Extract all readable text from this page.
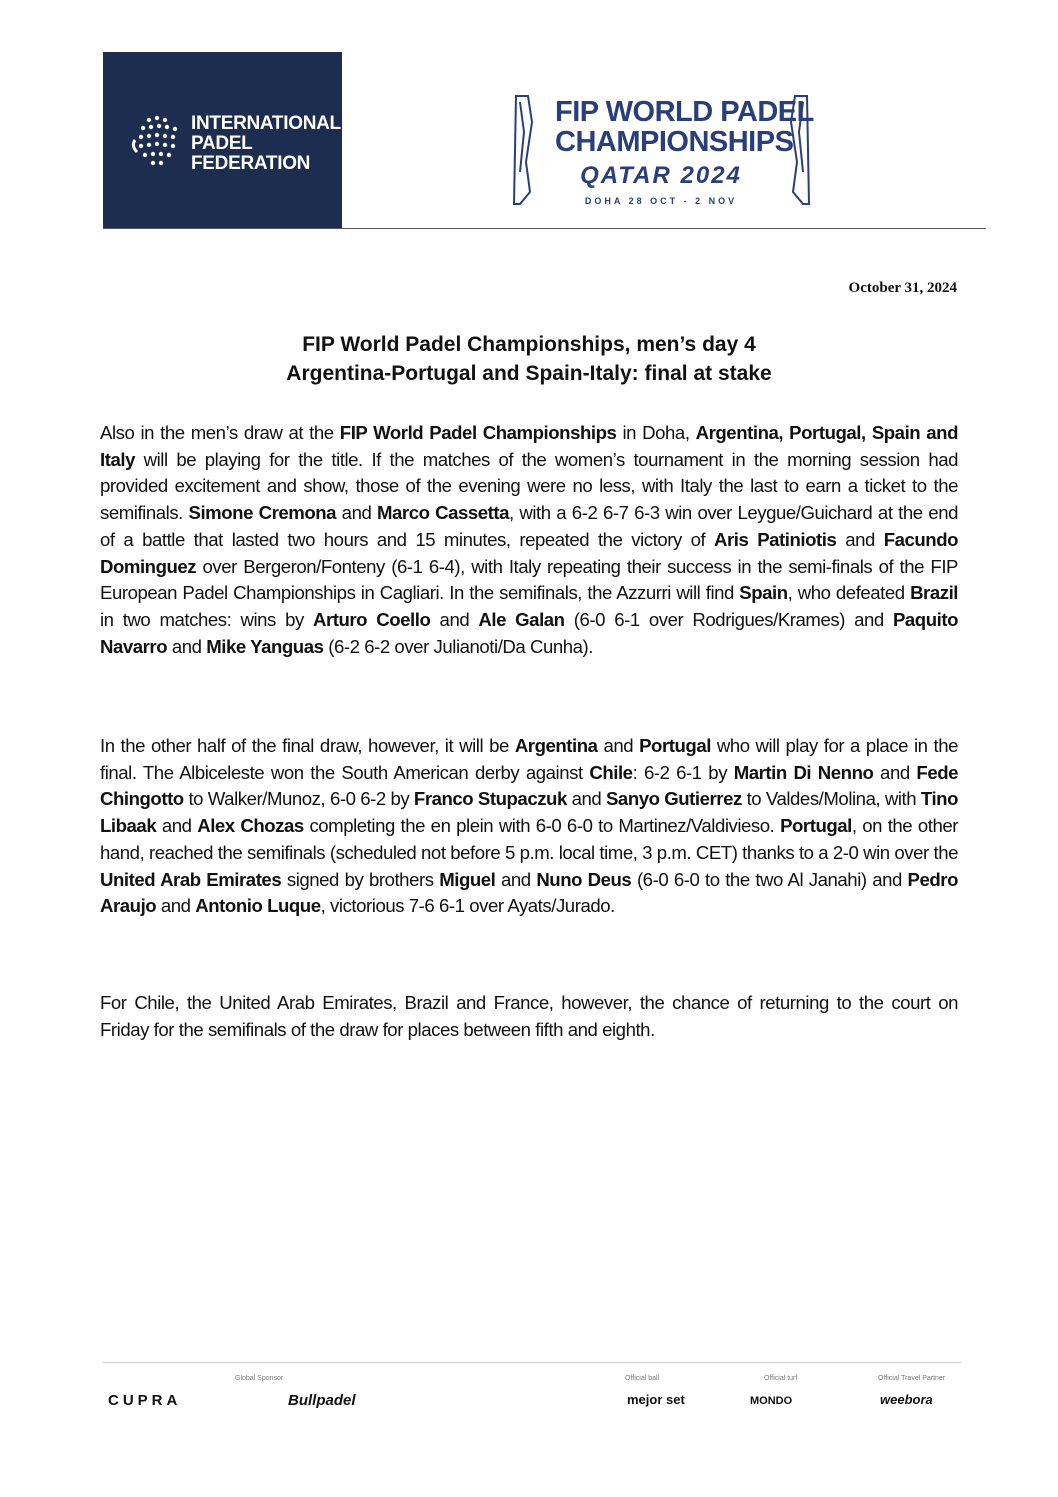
INTERNATIONAL
PADEL
FEDERATION
FIP WORLD PADEL
CHAMPIONSHIPS
QATAR 2024
DOHA 28 OCT - 2 NOV
October 31, 2024
FIP World Padel Championships, men’s day 4
Argentina-Portugal and Spain-Italy: final at stake
Also in the men’s draw at the FIP World Padel Championships in Doha, Argentina, Portugal, Spain and Italy will be playing for the title. If the matches of the women’s tournament in the morning session had provided excitement and show, those of the evening were no less, with Italy the last to earn a ticket to the semifinals. Simone Cremona and Marco Cassetta, with a 6-2 6-7 6-3 win over Leygue/Guichard at the end of a battle that lasted two hours and 15 minutes, repeated the victory of Aris Patiniotis and Facundo Dominguez over Bergeron/Fonteny (6-1 6-4), with Italy repeating their success in the semi-finals of the FIP European Padel Championships in Cagliari. In the semifinals, the Azzurri will find Spain, who defeated Brazil in two matches: wins by Arturo Coello and Ale Galan (6-0 6-1 over Rodrigues/Krames) and Paquito Navarro and Mike Yanguas (6-2 6-2 over Julianoti/Da Cunha).
In the other half of the final draw, however, it will be Argentina and Portugal who will play for a place in the final. The Albiceleste won the South American derby against Chile: 6-2 6-1 by Martin Di Nenno and Fede Chingotto to Walker/Munoz, 6-0 6-2 by Franco Stupaczuk and Sanyo Gutierrez to Valdes/Molina, with Tino Libaak and Alex Chozas completing the en plein with 6-0 6-0 to Martinez/Valdivieso. Portugal, on the other hand, reached the semifinals (scheduled not before 5 p.m. local time, 3 p.m. CET) thanks to a 2-0 win over the United Arab Emirates signed by brothers Miguel and Nuno Deus (6-0 6-0 to the two Al Janahi) and Pedro Araujo and Antonio Luque, victorious 7-6 6-1 over Ayats/Jurado.
For Chile, the United Arab Emirates, Brazil and France, however, the chance of returning to the court on Friday for the semifinals of the draw for places between fifth and eighth.
Global Sponsor	Official ball	Official turf	Official Travel Partner
CUPRA	Bullpadel	mejor set	MONDO	weebora
